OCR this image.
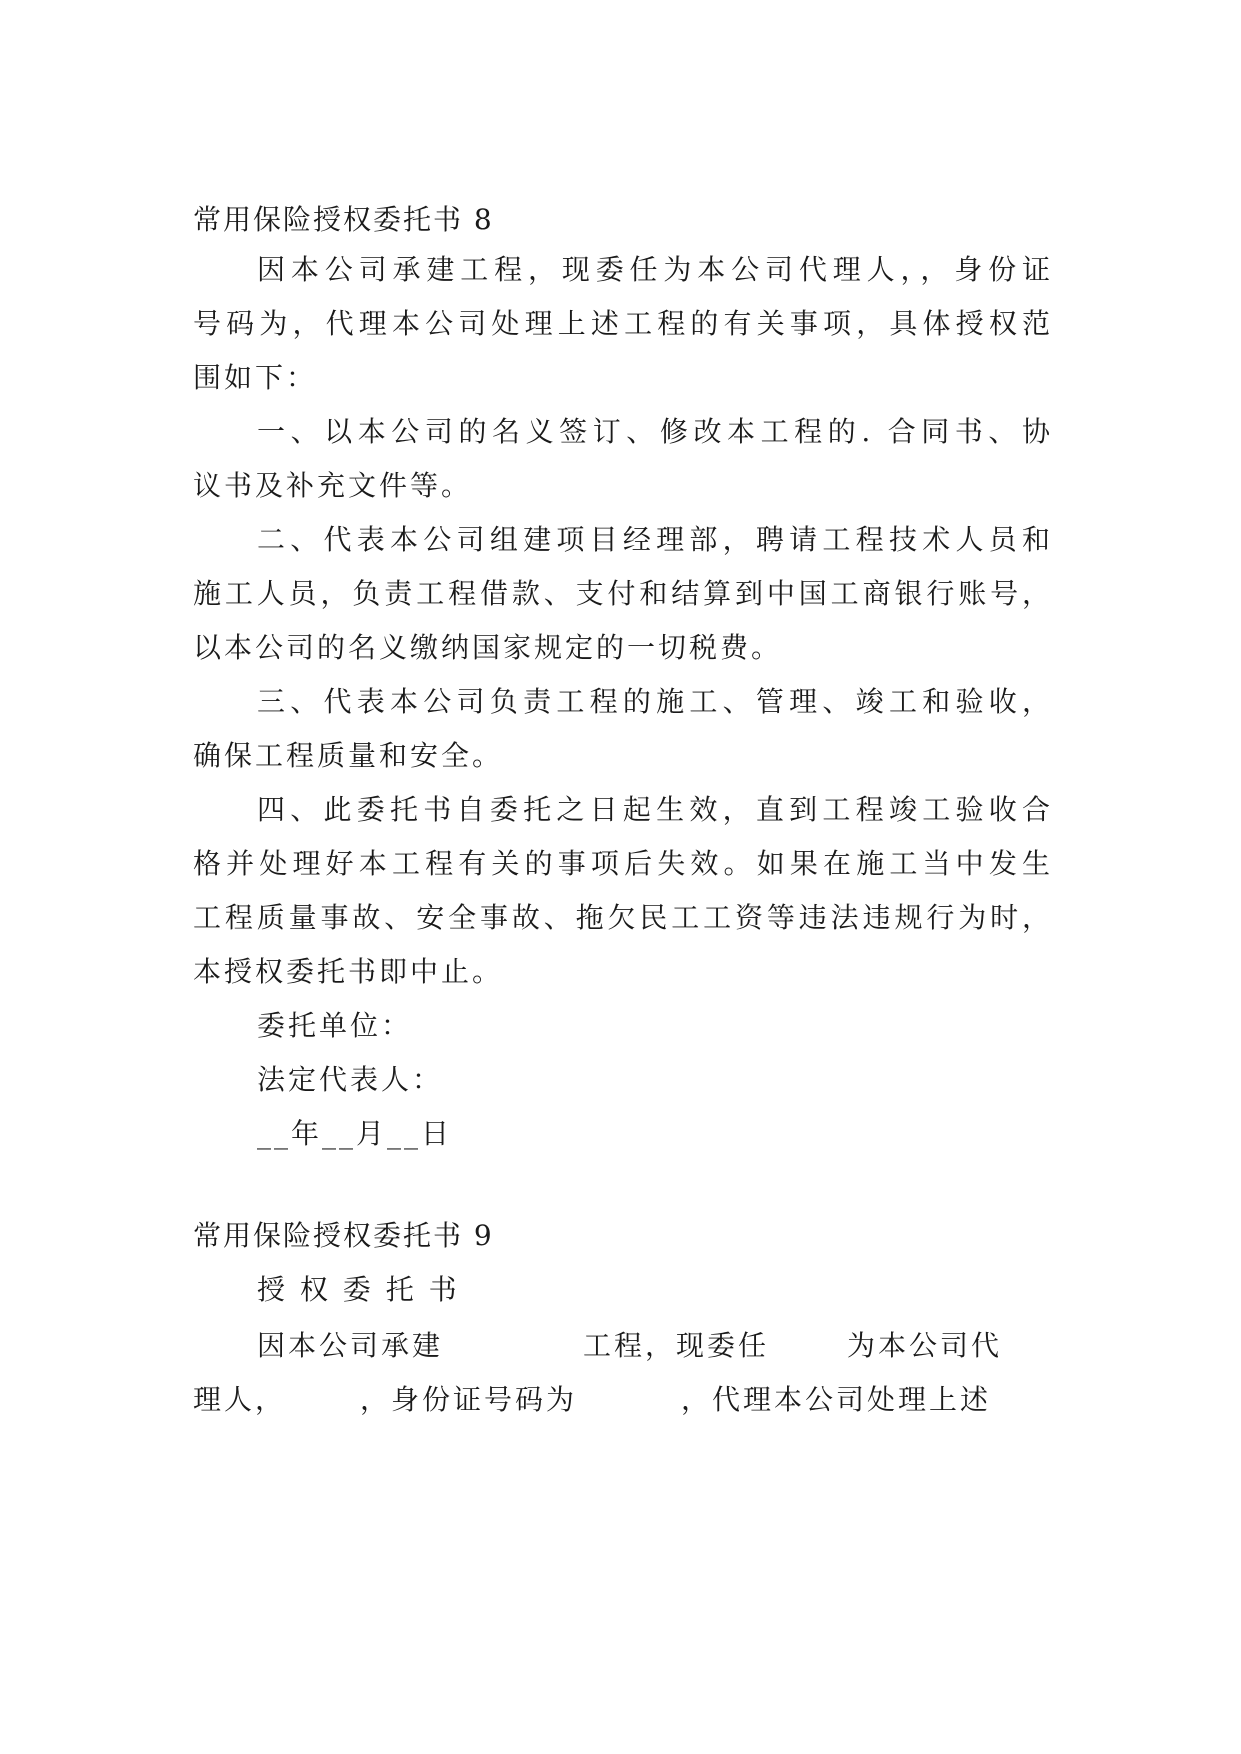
常用保险授权委托书 8
因本公司承建工程，现委任为本公司代理人，，身份证
号码为，代理本公司处理上述工程的有关事项，具体授权范
围如下：
一、以本公司的名义签订、修改本工程的. 合同书、协
议书及补充文件等。
二、代表本公司组建项目经理部，聘请工程技术人员和
施工人员，负责工程借款、支付和结算到中国工商银行账号，
以本公司的名义缴纳国家规定的一切税费。
三、代表本公司负责工程的施工、管理、竣工和验收，
确保工程质量和安全。
四、此委托书自委托之日起生效，直到工程竣工验收合
格并处理好本工程有关的事项后失效。如果在施工当中发生
工程质量事故、安全事故、拖欠民工工资等违法违规行为时，
本授权委托书即中止。
委托单位：
法定代表人：
__年__月__日
常用保险授权委托书 9
授 权 委 托 书
因本公司承建	工程，现委任	为本公司代
理人，	，身份证号码为	，代理本公司处理上述
